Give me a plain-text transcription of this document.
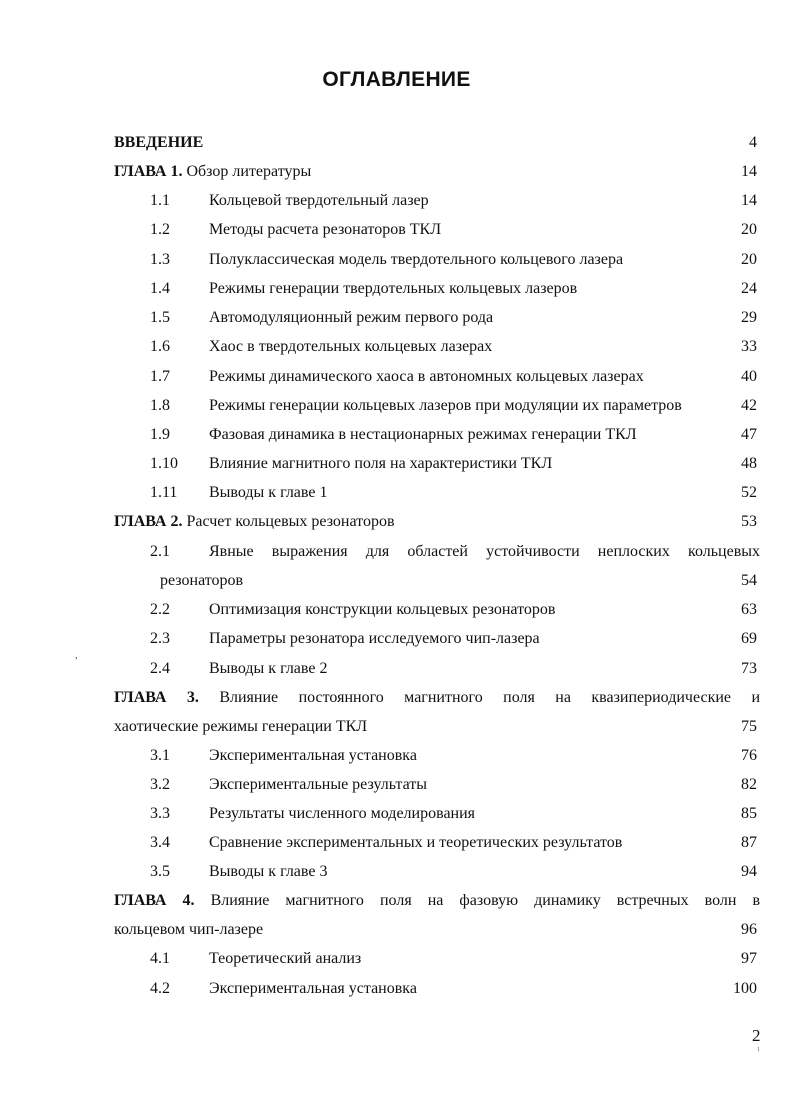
ОГЛАВЛЕНИЕ
ВВЕДЕНИЕ	4
ГЛАВА 1. Обзор литературы	14
1.1 Кольцевой твердотельный лазер	14
1.2 Методы расчета резонаторов ТКЛ	20
1.3 Полуклассическая модель твердотельного кольцевого лазера	20
1.4 Режимы генерации твердотельных кольцевых лазеров	24
1.5 Автомодуляционный режим первого рода	29
1.6 Хаос в твердотельных кольцевых лазерах	33
1.7 Режимы динамического хаоса в автономных кольцевых лазерах	40
1.8 Режимы генерации кольцевых лазеров при модуляции их параметров	42
1.9 Фазовая динамика в нестационарных режимах генерации ТКЛ	47
1.10 Влияние магнитного поля на характеристики ТКЛ	48
1.11 Выводы к главе 1	52
ГЛАВА 2. Расчет кольцевых резонаторов	53
2.1 Явные выражения для областей устойчивости неплоских кольцевых
резонаторов	54
2.2 Оптимизация конструкции кольцевых резонаторов	63
2.3 Параметры резонатора исследуемого чип-лазера	69
2.4 Выводы к главе 2	73
ГЛАВА 3. Влияние постоянного магнитного поля на квазипериодические и
хаотические режимы генерации ТКЛ	75
3.1 Экспериментальная установка	76
3.2 Экспериментальные результаты	82
3.3 Результаты численного моделирования	85
3.4 Сравнение экспериментальных и теоретических результатов	87
3.5 Выводы к главе 3	94
ГЛАВА 4. Влияние магнитного поля на фазовую динамику встречных волн в
кольцевом чип-лазере	96
4.1 Теоретический анализ	97
4.2 Экспериментальная установка	100
,
2
1
